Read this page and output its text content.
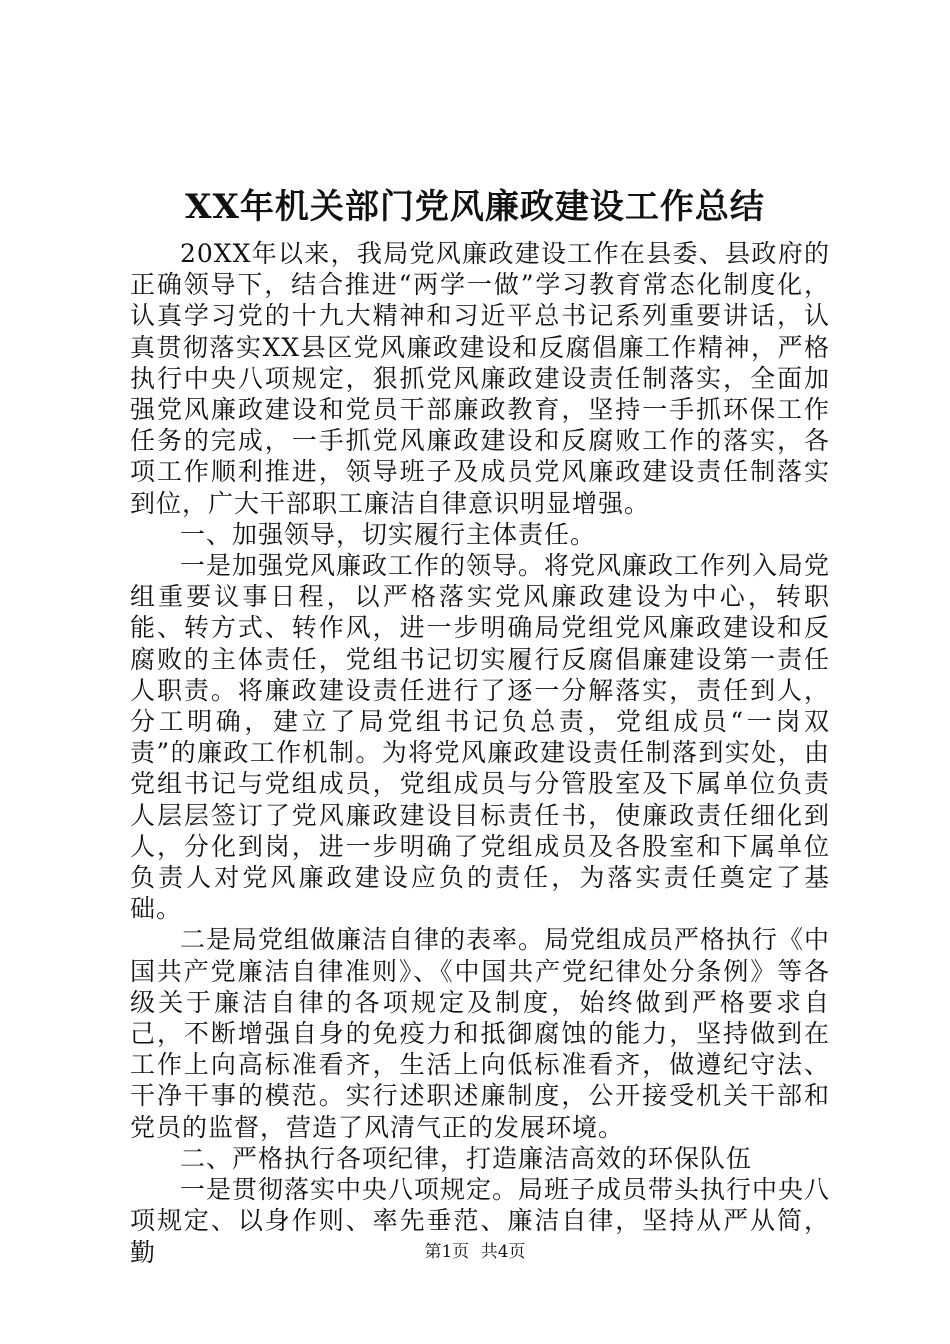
XX年机关部门党风廉政建设工作总结

20XX年以来，我局党风廉政建设工作在县委、县政府的正确领导下，结合推进“两学一做”学习教育常态化制度化，认真学习党的十九大精神和习近平总书记系列重要讲话，认真贯彻落实XX县区党风廉政建设和反腐倡廉工作精神，严格执行中央八项规定，狠抓党风廉政建设责任制落实，全面加强党风廉政建设和党员干部廉政教育，坚持一手抓环保工作任务的完成，一手抓党风廉政建设和反腐败工作的落实，各项工作顺利推进，领导班子及成员党风廉政建设责任制落实到位，广大干部职工廉洁自律意识明显增强。

一、加强领导，切实履行主体责任。

一是加强党风廉政工作的领导。将党风廉政工作列入局党组重要议事日程，以严格落实党风廉政建设为中心，转职能、转方式、转作风，进一步明确局党组党风廉政建设和反腐败的主体责任，党组书记切实履行反腐倡廉建设第一责任人职责。将廉政建设责任进行了逐一分解落实，责任到人，分工明确，建立了局党组书记负总责，党组成员“一岗双责”的廉政工作机制。为将党风廉政建设责任制落到实处，由党组书记与党组成员，党组成员与分管股室及下属单位负责人层层签订了党风廉政建设目标责任书，使廉政责任细化到人，分化到岗，进一步明确了党组成员及各股室和下属单位负责人对党风廉政建设应负的责任，为落实责任奠定了基础。

二是局党组做廉洁自律的表率。局党组成员严格执行《中国共产党廉洁自律准则》、《中国共产党纪律处分条例》等各级关于廉洁自律的各项规定及制度，始终做到严格要求自己，不断增强自身的免疫力和抵御腐蚀的能力，坚持做到在工作上向高标准看齐，生活上向低标准看齐，做遵纪守法、干净干事的模范。实行述职述廉制度，公开接受机关干部和党员的监督，营造了风清气正的发展环境。

二、严格执行各项纪律，打造廉洁高效的环保队伍

一是贯彻落实中央八项规定。局班子成员带头执行中央八项规定、以身作则、率先垂范、廉洁自律，坚持从严从简，勤	第1页 共4页
